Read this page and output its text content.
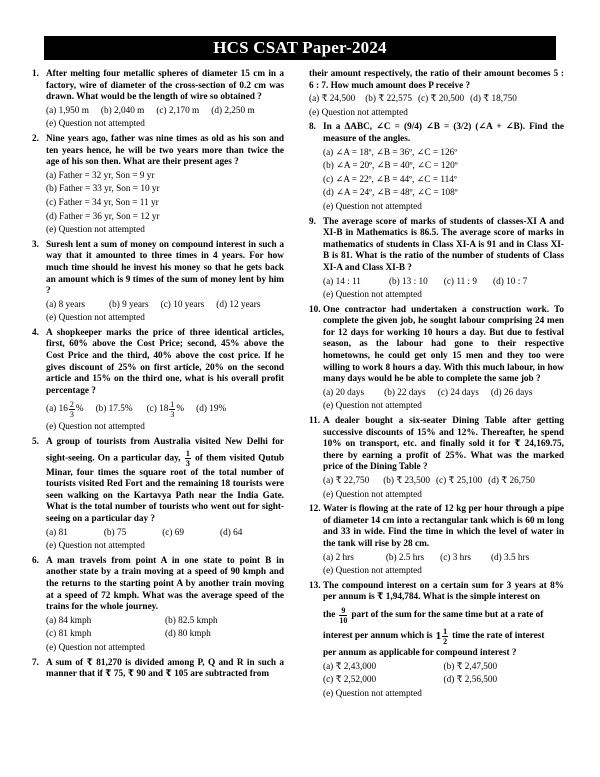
HCS CSAT Paper-2024
1. After melting four metallic spheres of diameter 15 cm in a factory, wire of diameter of the cross-section of 0.2 cm was drawn. What would be the length of wire so obtained ?
(a) 1,950 m (b) 2,040 m (c) 2,170 m (d) 2,250 m
(e) Question not attempted
2. Nine years ago, father was nine times as old as his son and ten years hence, he will be two years more than twice the age of his son then. What are their present ages ?
(a) Father = 32 yr, Son = 9 yr
(b) Father = 33 yr, Son = 10 yr
(c) Father = 34 yr, Son = 11 yr
(d) Father = 36 yr, Son = 12 yr
(e) Question not attempted
3. Suresh lent a sum of money on compound interest in such a way that it amounted to three times in 4 years. For how much time should he invest his money so that he gets back an amount which is 9 times of the sum of money lent by him ?
(a) 8 years	(b) 9 years (c) 10 years (d) 12 years
(e) Question not attempted
4. A shopkeeper marks the price of three identical articles, first, 60% above the Cost Price; second, 45% above the Cost Price and the third, 40% above the cost price. If he gives discount of 25% on first article, 20% on the second article and 15% on the third one, what is his overall profit percentage ?
(a) $16 \frac{2}{3}$ % (b) 17.5% (c) $18 \frac{1}{3}$ % (d) 19%
(e) Question not attempted
5. A group of tourists from Australia visited New Delhi for sight-seeing. On a particular day, $\frac{1}{3}$ of them visited Qutub Minar, four times the square root of the total number of tourists visited Red Fort and the remaining 18 tourists were seen walking on the Kartavya Path near the India Gate. What is the total number of tourists who went out for sight-seeing on a particular day ?
(a) 81	(b) 75	(c) 69	(d) 64
(e) Question not attempted
6. A man travels from point A in one state to point B in another state by a train moving at a speed of 90 kmph and the returns to the starting point A by another train moving at a speed of 72 kmph. What was the average speed of the trains for the whole journey.
(a) 84 kmph	(b) 82.5 kmph
(c) 81 kmph	(d) 80 kmph
(e) Question not attempted
7. A sum of ₹ 81,270 is divided among P, Q and R in such a manner that if ₹ 75, ₹ 90 and ₹ 105 are subtracted from
their amount respectively, the ratio of their amount becomes 5 : 6 : 7. How much amount does P receive ?
(a) ₹ 24,500 (b) ₹ 22,575 (c) ₹ 20,500 (d) ₹ 18,750
(e) Question not attempted
8. In a ΔABC, ∠C = (9/4) ∠B = (3/2) (∠A + ∠B). Find the measure of the angles.
(a) ∠A = 18º, ∠B = 36º, ∠C = 126º
(b) ∠A = 20º, ∠B = 40º, ∠C = 120º
(c) ∠A = 22º, ∠B = 44º, ∠C = 114º
(d) ∠A = 24º, ∠B = 48º, ∠C = 108º
(e) Question not attempted
9. The average score of marks of students of classes-XI A and XI-B in Mathematics is 86.5. The average score of marks in mathematics of students in Class XI-A is 91 and in Class XI-B is 81. What is the ratio of the number of students of Class XI-A and Class XI-B ?
(a) 14 : 11	(b) 13 : 10 (c) 11 : 9 (d) 10 : 7
(e) Question not attempted
10. One contractor had undertaken a construction work. To complete the given job, he sought labour comprising 24 men for 12 days for working 10 hours a day. But due to festival season, as the labour had gone to their respective hometowns, he could get only 15 men and they too were willing to work 8 hours a day. With this much labour, in how many days would he be able to complete the same job ?
(a) 20 days (b) 22 days (c) 24 days (d) 26 days
(e) Question not attempted
11. A dealer bought a six-seater Dining Table after getting successive discounts of 15% and 12%. Thereafter, he spend 10% on transport, etc. and finally sold it for ₹ 24,169.75, there by earning a profit of 25%. What was the marked price of the Dining Table ?
(a) ₹ 22,750 (b) ₹ 23,500 (c) ₹ 25,100 (d) ₹ 26,750
(e) Question not attempted
12. Water is flowing at the rate of 12 kg per hour through a pipe of diameter 14 cm into a rectangular tank which is 60 m long and 33 in wide. Find the time in which the level of water in the tank will rise by 28 cm.
(a) 2 hrs	(b) 2.5 hrs (c) 3 hrs (d) 3.5 hrs
(e) Question not attempted
13. The compound interest on a certain sum for 3 years at 8% per annum is ₹ 1,94,784. What is the simple interest on
the $\frac{9}{10}$ part of the sum for the same time but at a rate of
interest per annum which is $1 \frac{1}{2}$ time the rate of interest
per annum as applicable for compound interest ?
(a) ₹ 2,43,000	(b) ₹ 2,47,500
(c) ₹ 2,52,000	(d) ₹ 2,56,500
(e) Question not attempted
